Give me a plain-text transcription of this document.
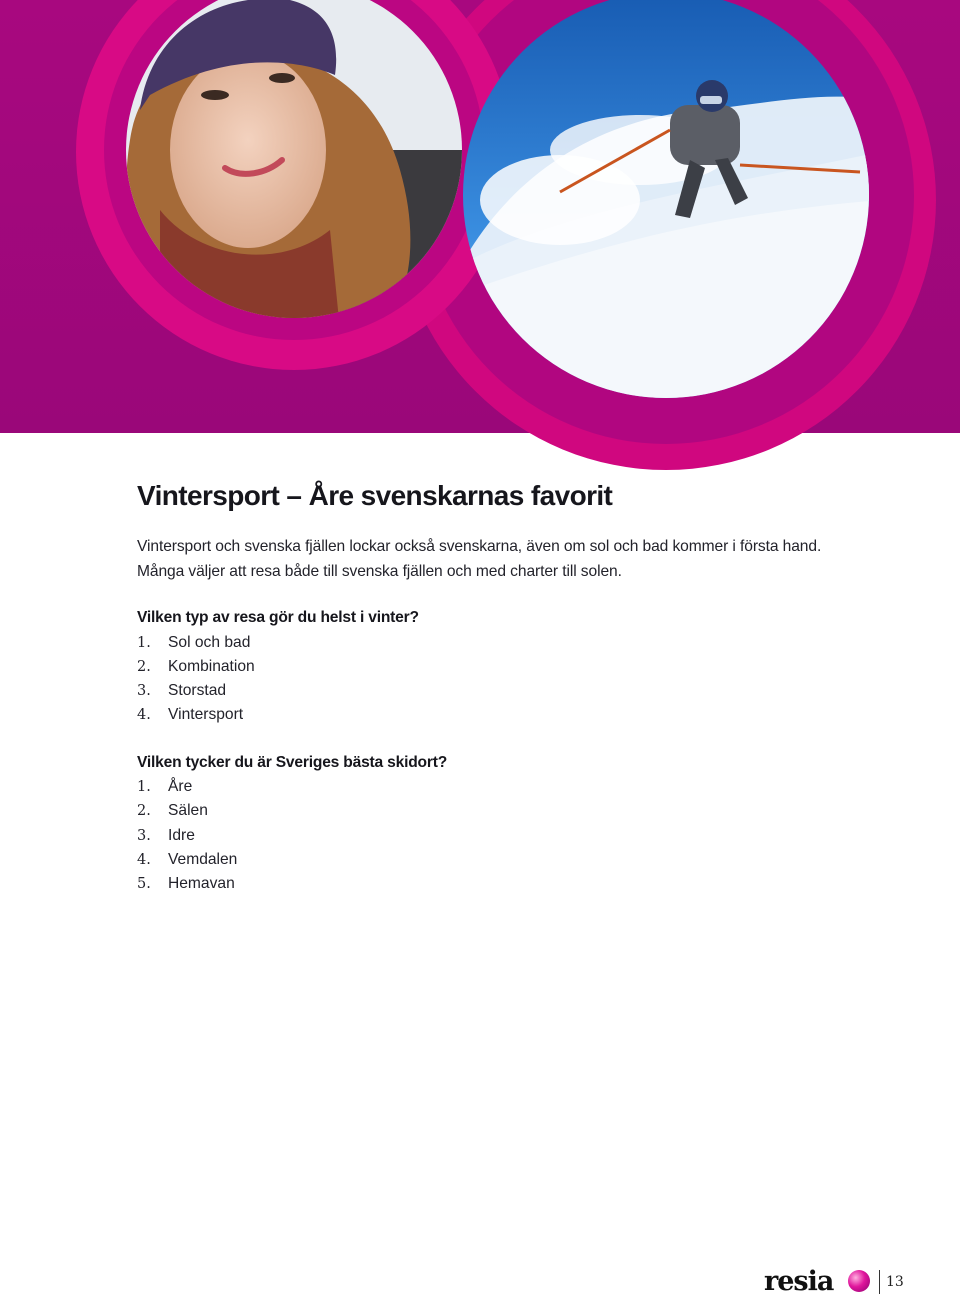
Vintersport – Åre svenskarnas favorit

Vintersport och svenska fjällen lockar också svenskarna, även om sol och bad kommer i första hand. Många väljer att resa både till svenska fjällen och med charter till solen.

Vilken typ av resa gör du helst i vinter?

1.	Sol och bad
2.	Kombination
3.	Storstad
4.	Vintersport

Vilken tycker du är Sveriges bästa skidort?

1.	Åre
2.	Sälen
3.	Idre
4.	Vemdalen
5.	Hemavan
resia	13
